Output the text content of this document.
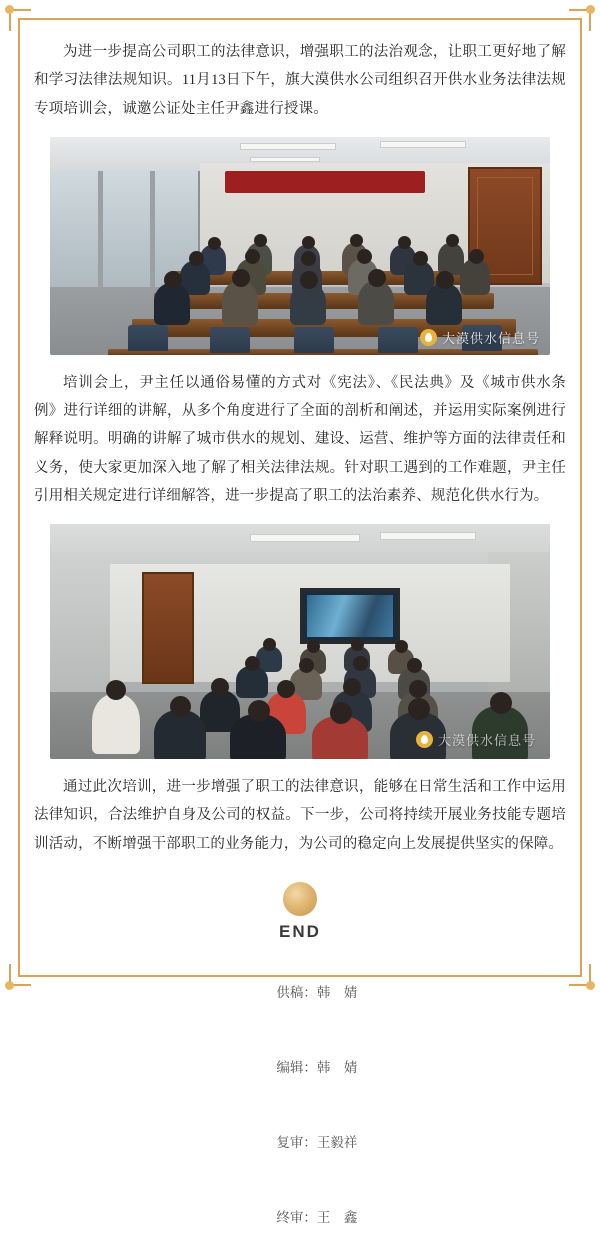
为进一步提高公司职工的法律意识，增强职工的法治观念，让职工更好地了解和学习法律法规知识。11月13日下午，旗大漠供水公司组织召开供水业务法律法规专项培训会，诚邀公证处主任尹鑫进行授课。

大漠供水信息号

培训会上，尹主任以通俗易懂的方式对《宪法》、《民法典》及《城市供水条例》进行详细的讲解，从多个角度进行了全面的剖析和阐述，并运用实际案例进行解释说明。明确的讲解了城市供水的规划、建设、运营、维护等方面的法律责任和义务，使大家更加深入地了解了相关法律法规。针对职工遇到的工作难题，尹主任引用相关规定进行详细解答，进一步提高了职工的法治素养、规范化供水行为。

大漠供水信息号

通过此次培训，进一步增强了职工的法律意识，能够在日常生活和工作中运用法律知识，合法维护自身及公司的权益。下一步，公司将持续开展业务技能专题培训活动，不断增强干部职工的业务能力，为公司的稳定向上发展提供坚实的保障。

END

供稿：韩　婧

编辑：韩　婧

复审：王毅祥

终审：王　鑫
